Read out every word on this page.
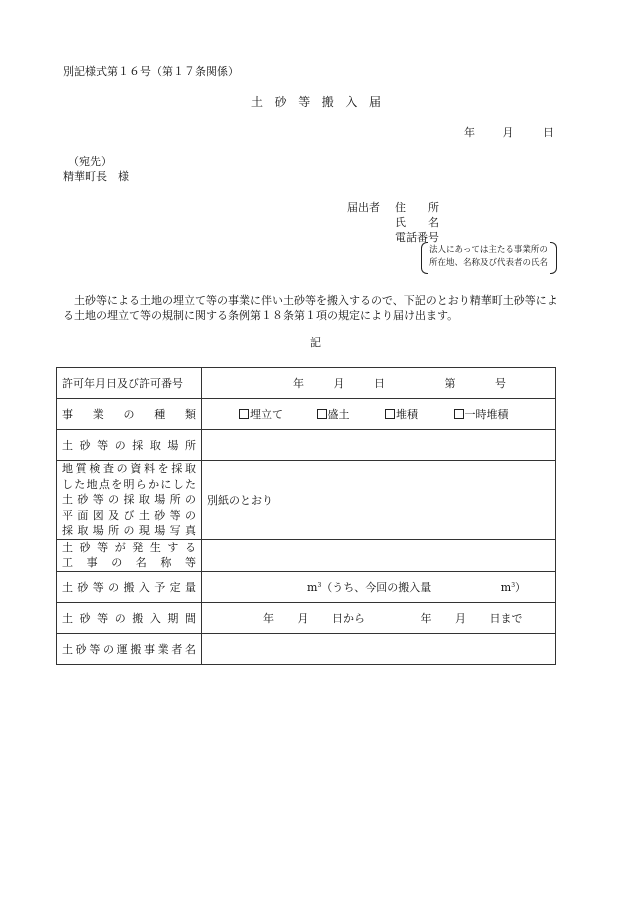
別記様式第１６号（第１７条関係）
土 砂 等 搬 入 届
年	月	日
（宛先）
精華町長　様
届出者 住　　所
氏　　名
電話番号
法人にあっては主たる事業所の
所在地、名称及び代表者の氏名
土砂等による土地の埋立て等の事業に伴い土砂等を搬入するので、下記のとおり精華町土砂等による土地の埋立て等の規制に関する条例第１８条第１項の規定により届け出ます。
記
許可年月日及び許可番号	年 月 日 第 号
事業の種類	埋立て 盛土 堆積 一時堆積
土砂等の採取場所	

地質検査の資料を採取
した地点を明らかにした
土砂等の採取場所の
平面図及び土砂等の
採取場所の現場写真	別紙のとおり

土砂等が発生する
工事の名称等	

土砂等の搬入予定量	$m^3$（うち、今回の搬入量 $m^3$）
土砂等の搬入期間	年 月 日から 年 月 日まで
土砂等の運搬事業者名	
